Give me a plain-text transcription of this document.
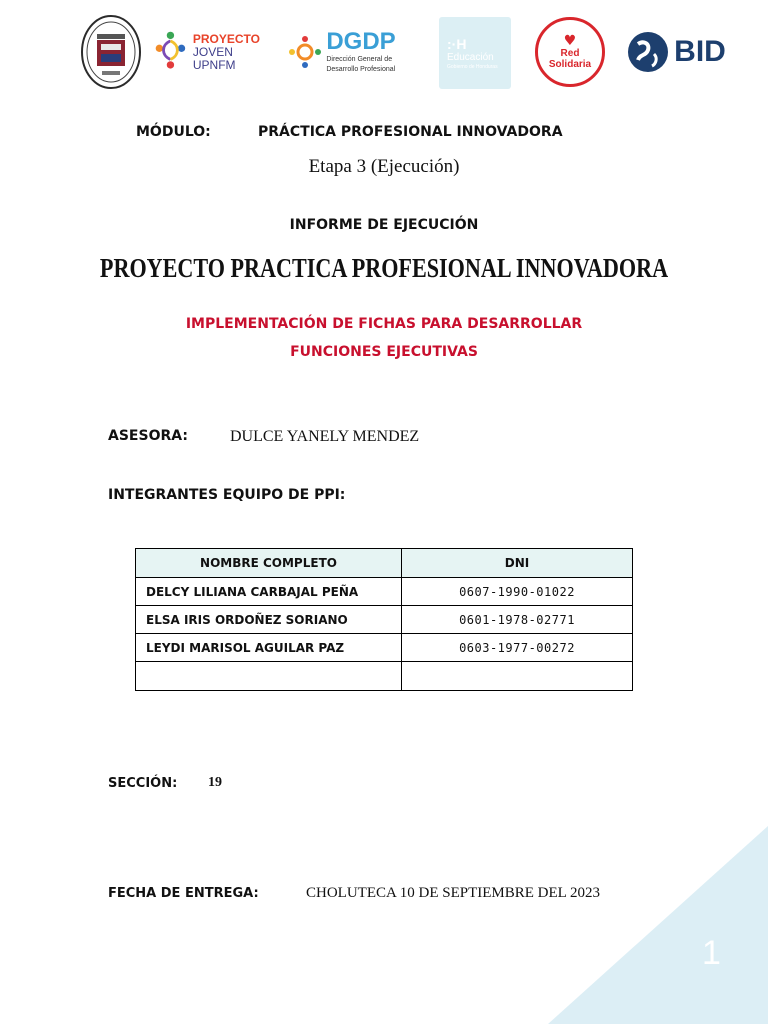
PROYECTO
JOVEN
UPNFM
DGDP
Dirección General de
Desarrollo Profesional
:·H
Educación
Gobierno de Honduras
♥
Red
Solidaria	BID
MÓDULO:	PRÁCTICA PROFESIONAL INNOVADORA
Etapa 3 (Ejecución)
INFORME DE EJECUCIÓN
PROYECTO PRACTICA PROFESIONAL INNOVADORA
IMPLEMENTACIÓN DE FICHAS PARA DESARROLLAR
FUNCIONES EJECUTIVAS
ASESORA:	DULCE YANELY MENDEZ
INTEGRANTES EQUIPO DE PPI:
NOMBRE COMPLETO	DNI
DELCY LILIANA CARBAJAL PEÑA	0607-1990-01022
ELSA IRIS ORDOÑEZ SORIANO	0601-1978-02771
LEYDI MARISOL AGUILAR PAZ	0603-1977-00272

SECCIÓN: 19
FECHA DE ENTREGA:	CHOLUTECA 10 DE SEPTIEMBRE DEL 2023
1
